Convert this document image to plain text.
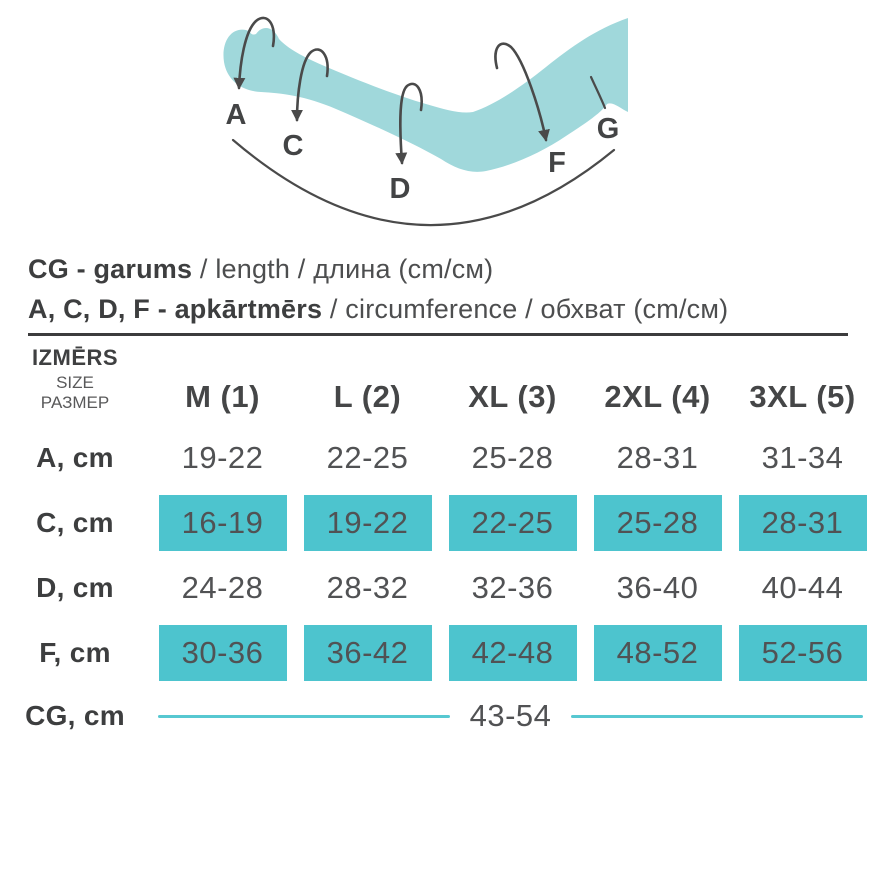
A
C
D
F
G
CG - garums / length / длина (cm/см)
A, C, D, F - apkārtmērs / circumference / обхват (cm/см)
IZMĒRS
SIZE
РАЗМЕР	M (1)	L (2)	XL (3)	2XL (4)	3XL (5)
A, cm	19-22	22-25	25-28	28-31	31-34
C, cm	16-19	19-22	22-25	25-28	28-31
D, cm	24-28	28-32	32-36	36-40	40-44
F, cm	30-36	36-42	42-48	48-52	52-56
CG, cm	43-54
